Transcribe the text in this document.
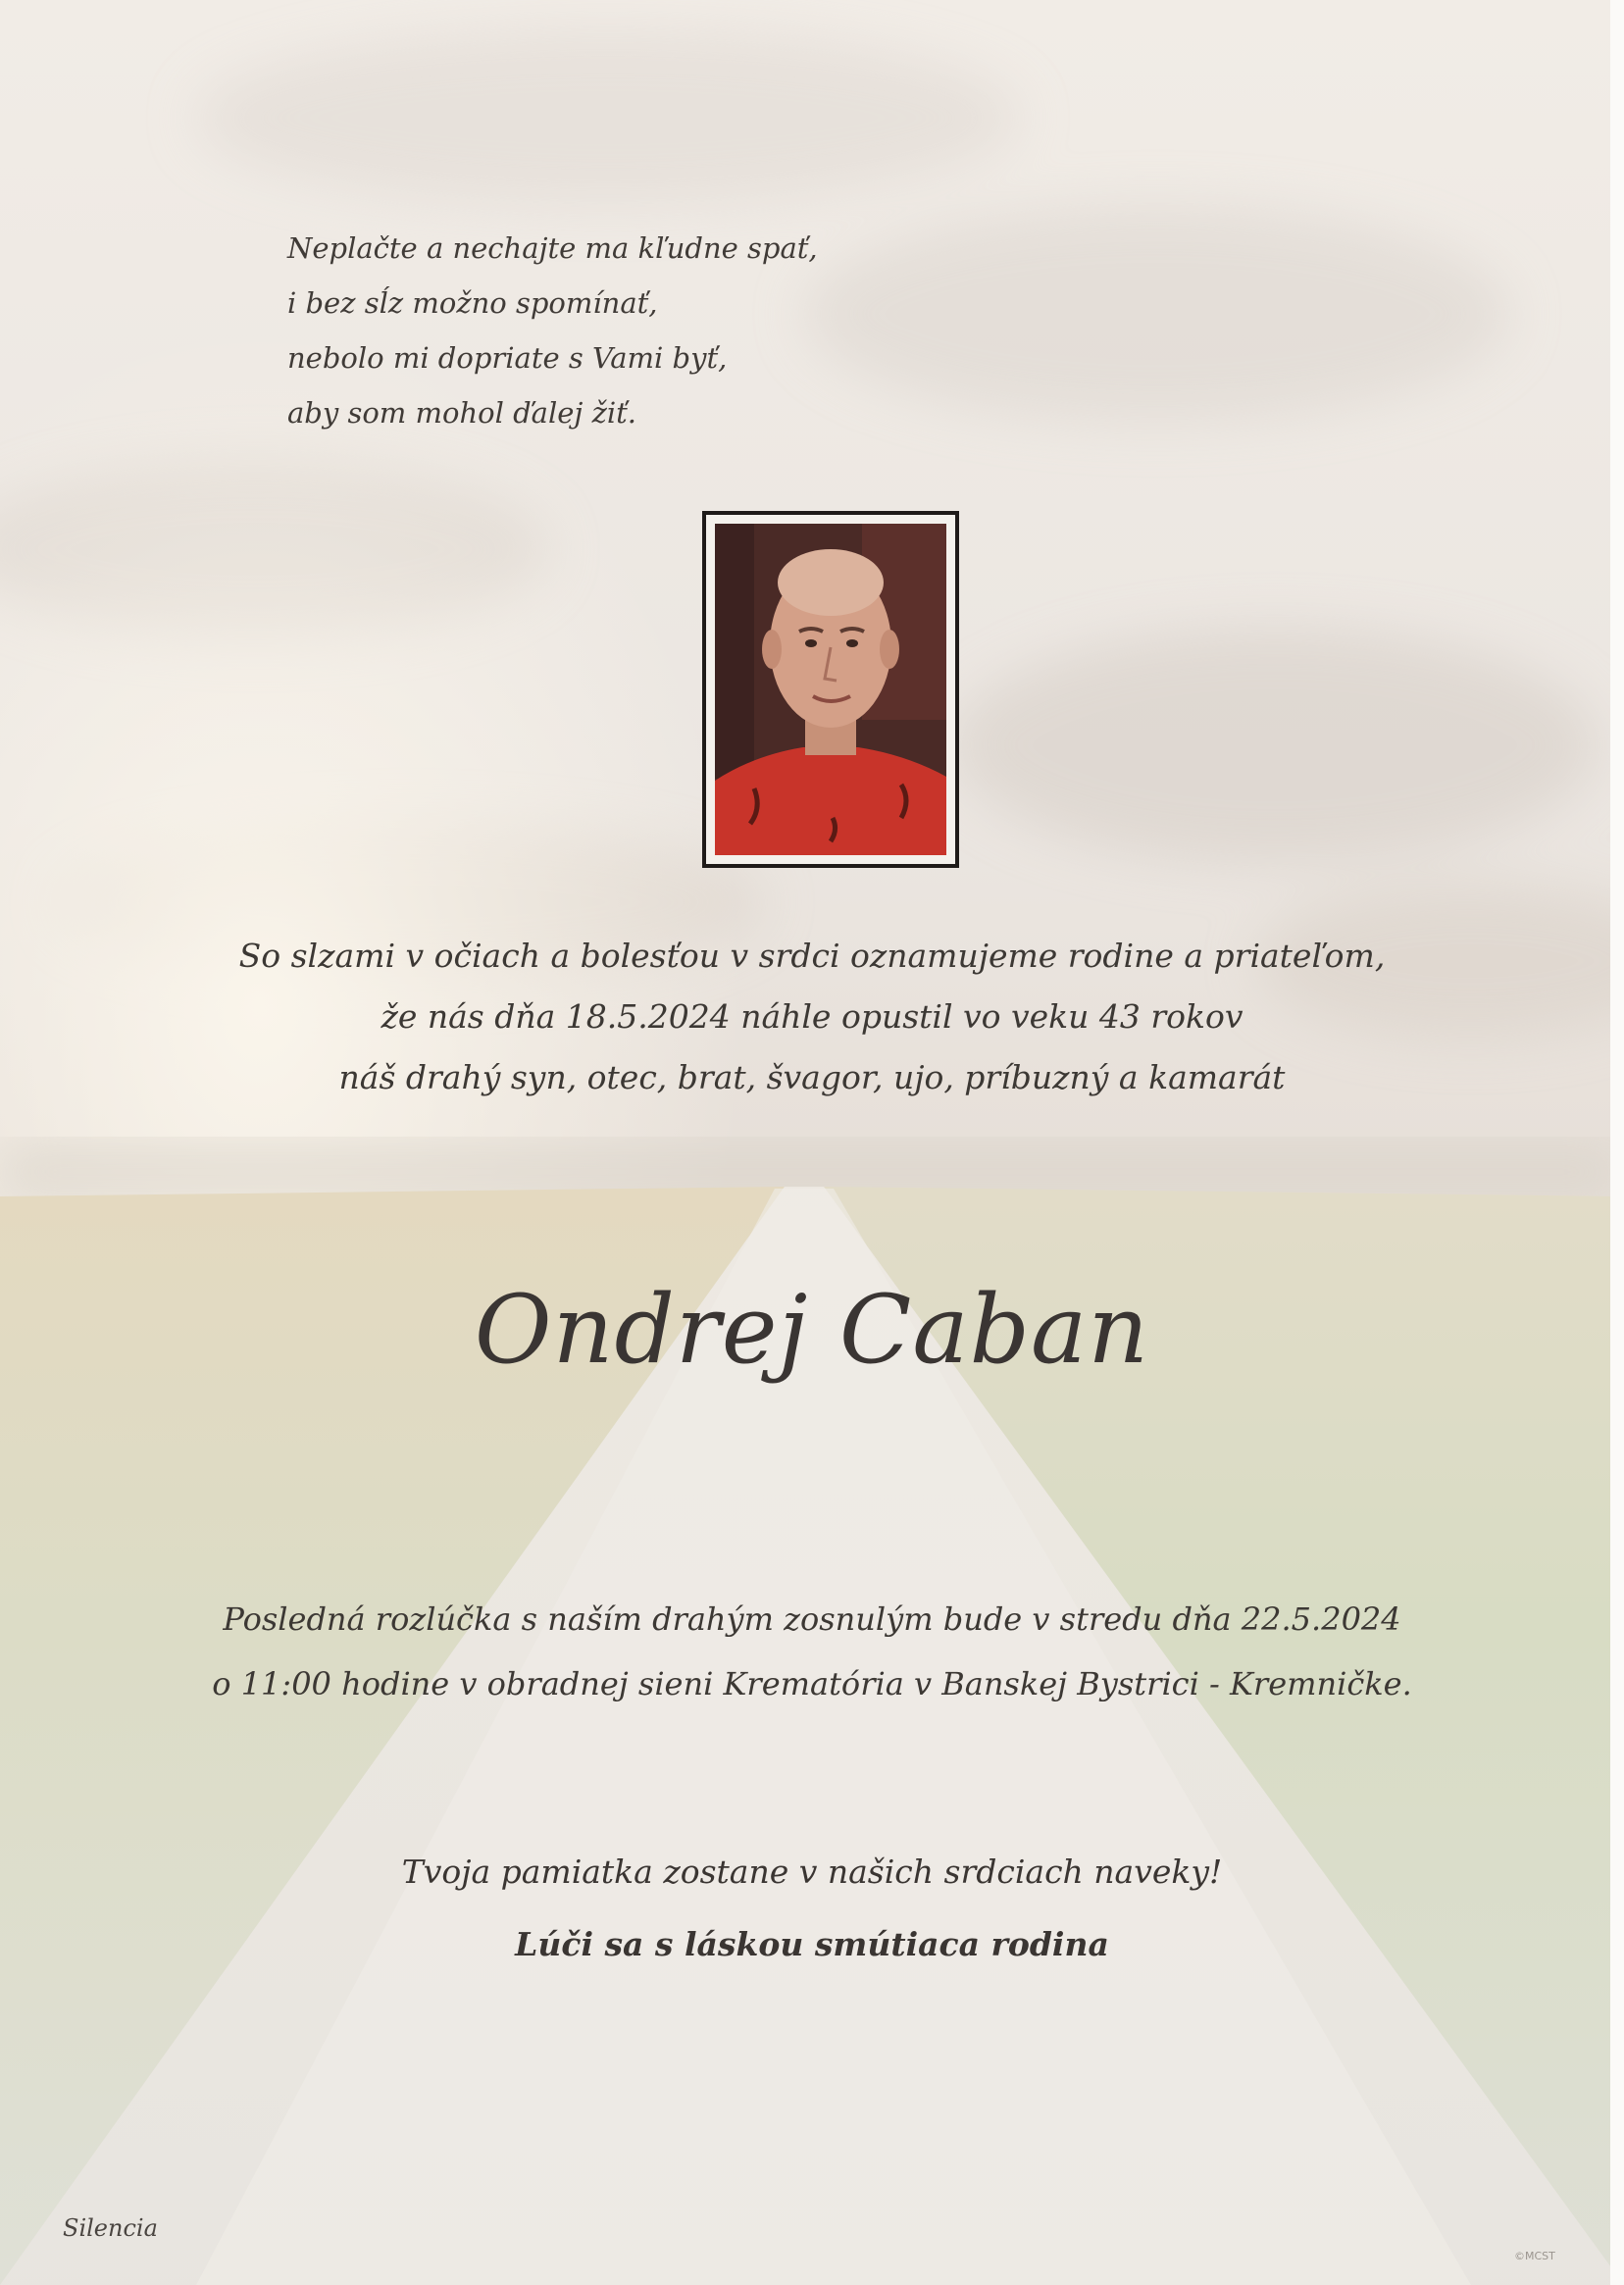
Neplačte a nechajte ma kľudne spať,
i bez sĺz možno spomínať,
nebolo mi dopriate s Vami byť,
aby som mohol ďalej žiť.
So slzami v očiach a bolesťou v srdci oznamujeme rodine a priateľom,
že nás dňa 18.5.2024 náhle opustil vo veku 43 rokov
náš drahý syn, otec, brat, švagor, ujo, príbuzný a kamarát
Ondrej Caban
Posledná rozlúčka s naším drahým zosnulým bude v stredu dňa 22.5.2024
o 11:00 hodine v obradnej sieni Krematória v Banskej Bystrici - Kremničke.
Tvoja pamiatka zostane v našich srdciach naveky!
Lúči sa s láskou smútiaca rodina
Silencia
©MCST
